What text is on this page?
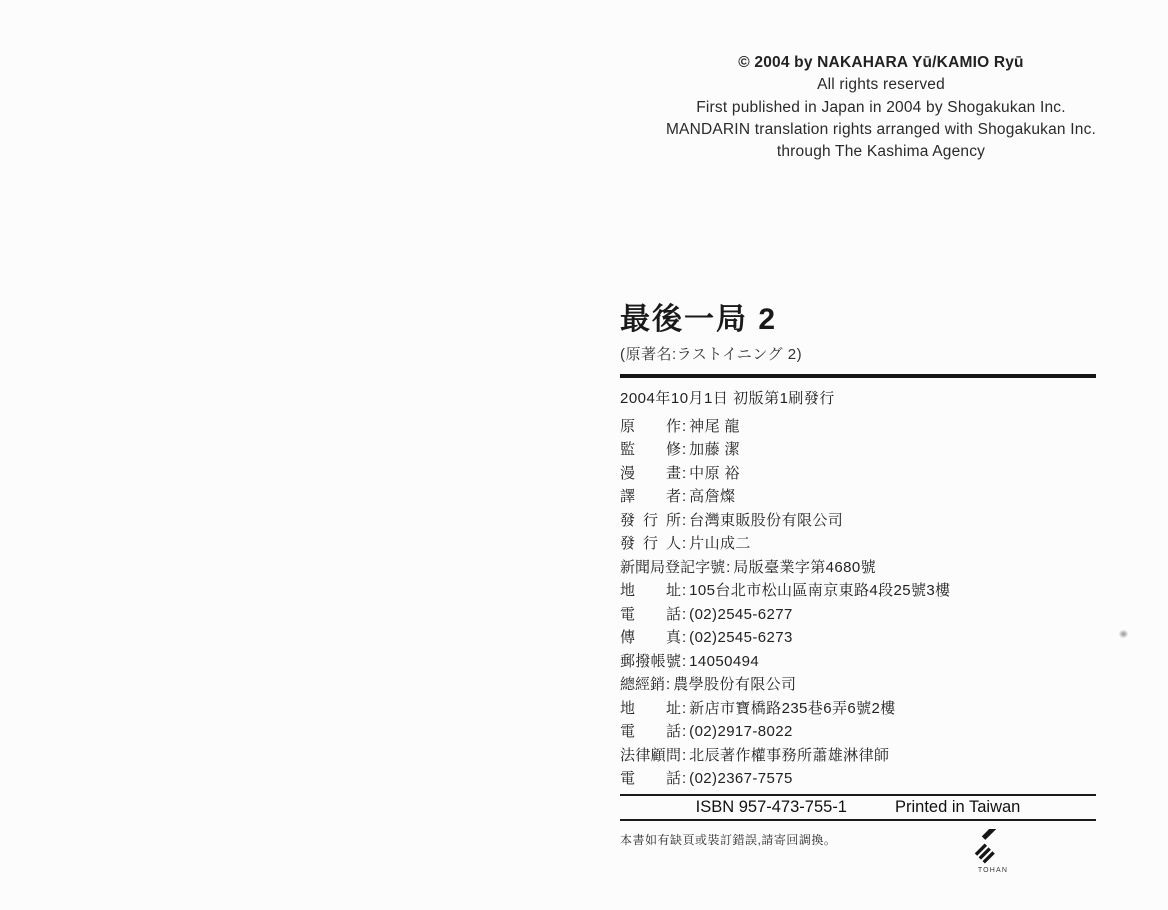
© 2004 by NAKAHARA Yū/KAMIO Ryū
All rights reserved
First published in Japan in 2004 by Shogakukan Inc.
MANDARIN translation rights arranged with Shogakukan Inc.
through The Kashima Agency
最後一局 2
(原著名:ラストイニング 2)
2004年10月1日 初版第1刷發行
原 作 : 神尾 龍
監 修 : 加藤 潔
漫 畫 : 中原 裕
譯 者 : 高詹燦
發 行 所 : 台灣東販股份有限公司
發 行 人 : 片山成二
新 聞 局 登 記 字 號 : 局版臺業字第4680號
地 址 : 105台北市松山區南京東路4段25號3樓
電 話 : (02)2545-6277
傳 真 : (02)2545-6273
郵 撥 帳 號 : 14050494
總 經 銷 : 農學股份有限公司
地 址 : 新店市寶橋路235巷6弄6號2樓
電 話 : (02)2917-8022
法 律 顧 問 : 北辰著作權事務所蕭雄淋律師
電 話 : (02)2367-7575
ISBN 957-473-755-1	Printed in Taiwan
本書如有缺頁或裝訂錯誤,請寄回調換。
TOHAN
